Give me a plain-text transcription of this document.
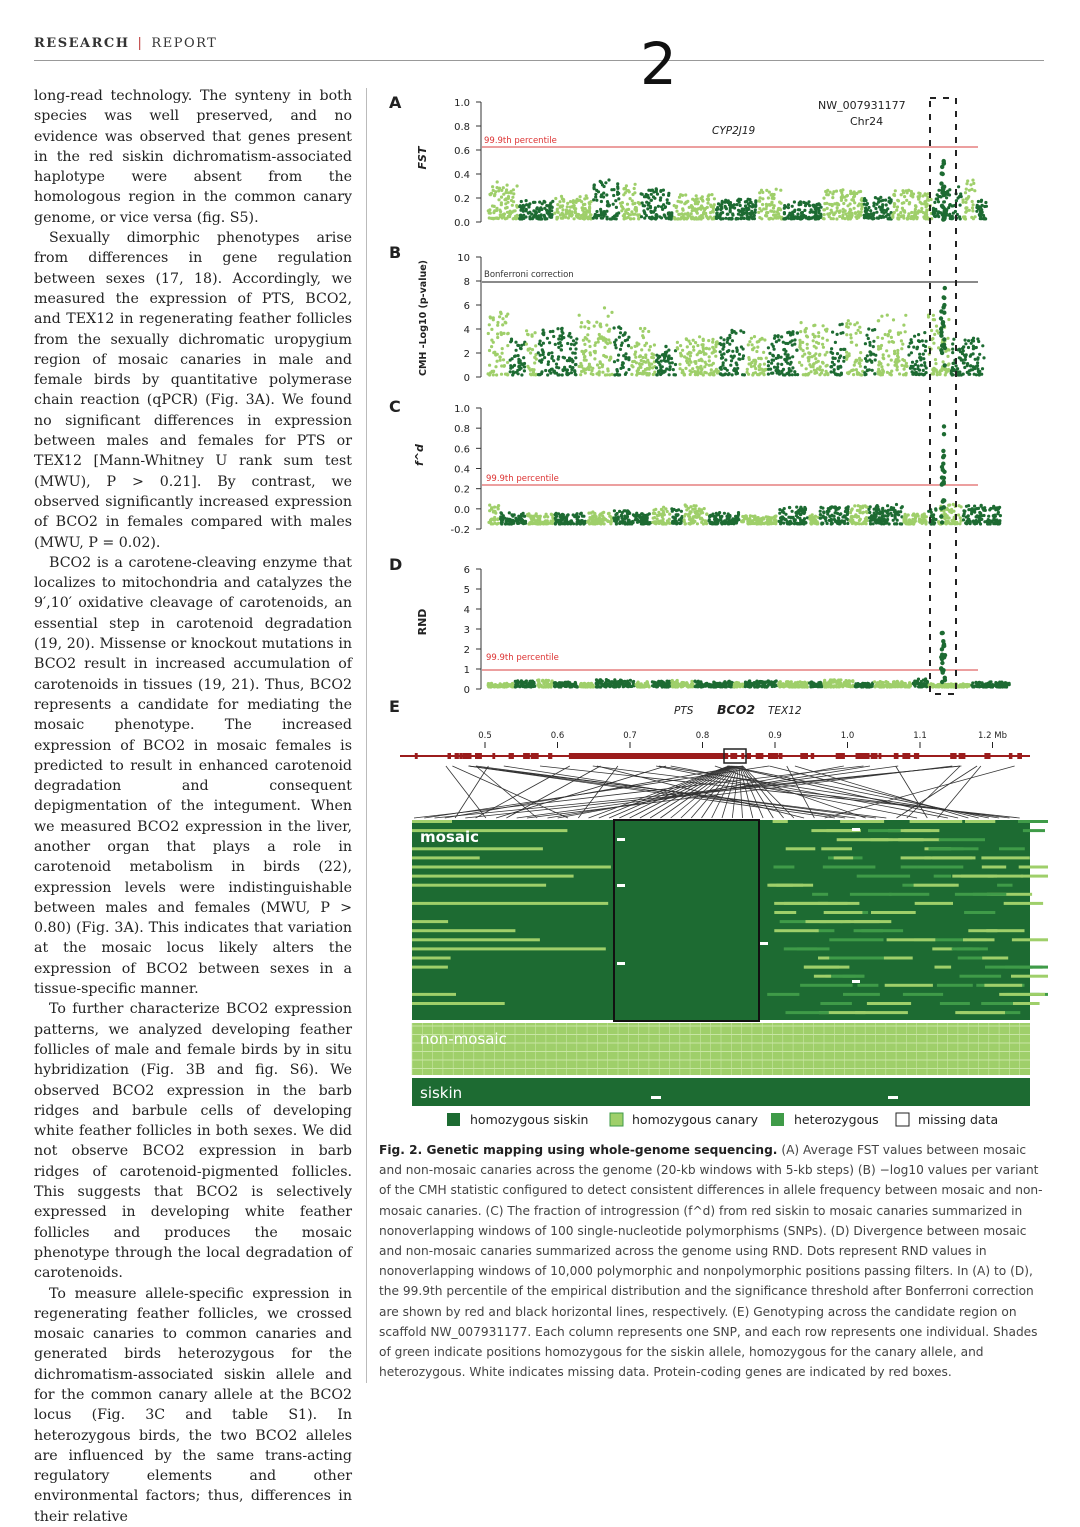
RESEARCH | REPORT	2

long-read technology. The synteny in both species was well preserved, and no evidence was observed that genes present in the red siskin dichromatism-associated haplotype were absent from the homologous region in the common canary genome, or vice versa (fig. S5).

Sexually dimorphic phenotypes arise from differences in gene regulation between sexes (17, 18). Accordingly, we measured the expression of PTS, BCO2, and TEX12 in regenerating feather follicles from the sexually dichromatic uropygium region of mosaic canaries in male and female birds by quantitative polymerase chain reaction (qPCR) (Fig. 3A). We found no significant differences in expression between males and females for PTS or TEX12 [Mann-Whitney U rank sum test (MWU), P > 0.21]. By contrast, we observed significantly increased expression of BCO2 in females compared with males (MWU, P = 0.02).

BCO2 is a carotene-cleaving enzyme that localizes to mitochondria and catalyzes the 9′,10′ oxidative cleavage of carotenoids, an essential step in carotenoid degradation (19, 20). Missense or knockout mutations in BCO2 result in increased accumulation of carotenoids in tissues (19, 21). Thus, BCO2 represents a candidate for mediating the mosaic phenotype. The increased expression of BCO2 in mosaic females is predicted to result in enhanced carotenoid degradation and consequent depigmentation of the integument. When we measured BCO2 expression in the liver, another organ that plays a role in carotenoid metabolism in birds (22), expression levels were indistinguishable between males and females (MWU, P > 0.80) (Fig. 3A). This indicates that variation at the mosaic locus likely alters the expression of BCO2 between sexes in a tissue-specific manner.

To further characterize BCO2 expression patterns, we analyzed developing feather follicles of male and female birds by in situ hybridization (Fig. 3B and fig. S6). We observed BCO2 expression in the barb ridges and barbule cells of developing white feather follicles in both sexes. We did not observe BCO2 expression in barb ridges of carotenoid-pigmented follicles. This suggests that BCO2 is selectively expressed in developing white feather follicles and produces the mosaic phenotype through the local degradation of carotenoids.

To measure allele-specific expression in regenerating feather follicles, we crossed mosaic canaries to common canaries and generated birds heterozygous for the dichromatism-associated siskin allele and for the common canary allele at the BCO2 locus (Fig. 3C and table S1). In heterozygous birds, the two BCO2 alleles are influenced by the same trans-acting regulatory elements and other environmental factors; thus, differences in their relative

A
FST
1.0
0.8
0.6
0.4
0.2
0.0
99.9th percentile
CYP2J19
NW_007931177
Chr24
B
CMH -Log10 (p-value)
10
8
6
4
2
0
Bonferroni correction
C
f^d
1.0
0.8
0.6
0.4
0.2
0.0
-0.2
99.9th percentile
D
RND
6
5
4
3
2
1
0
99.9th percentile
E	PTS BCO2 TEX12
0.5	0.6	0.7	0.8	0.9	1.0	1.1	1.2 Mb
mosaic
non-mosaic
siskin
homozygous siskin	homozygous canary	heterozygous	missing data
Fig. 2. Genetic mapping using whole-genome sequencing. (A) Average FST values between mosaic and non-mosaic canaries across the genome (20-kb windows with 5-kb steps) (B) −log10 values per variant of the CMH statistic configured to detect consistent differences in allele frequency between mosaic and non-mosaic canaries. (C) The fraction of introgression (f^d) from red siskin to mosaic canaries summarized in nonoverlapping windows of 100 single-nucleotide polymorphisms (SNPs). (D) Divergence between mosaic and non-mosaic canaries summarized across the genome using RND. Dots represent RND values in nonoverlapping windows of 10,000 polymorphic and nonpolymorphic positions passing filters. In (A) to (D), the 99.9th percentile of the empirical distribution and the significance threshold after Bonferroni correction are shown by red and black horizontal lines, respectively. (E) Genotyping across the candidate region on scaffold NW_007931177. Each column represents one SNP, and each row represents one individual. Shades of green indicate positions homozygous for the siskin allele, homozygous for the canary allele, and heterozygous. White indicates missing data. Protein-coding genes are indicated by red boxes.
